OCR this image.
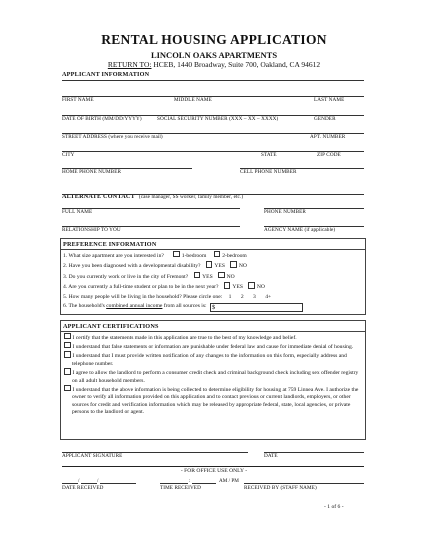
RENTAL HOUSING APPLICATION
LINCOLN OAKS APARTMENTS
RETURN TO: HCEB, 1440 Broadway, Suite 700, Oakland, CA 94612
APPLICANT INFORMATION
FIRST NAME	MIDDLE NAME	LAST NAME
DATE OF BIRTH (MM/DD/YYYY)	SOCIAL SECURITY NUMBER (XXX – XX – XXXX)	GENDER
STREET ADDRESS (where you receive mail)	APT. NUMBER
CITY	STATE	ZIP CODE
HOME PHONE NUMBER	CELL PHONE NUMBER
ALTERNATE CONTACT (case manager, SS worker, family member, etc.)
FULL NAME	PHONE NUMBER
RELATIONSHIP TO YOU	AGENCY NAME (if applicable)
PREFERENCE INFORMATION
1. What size apartment are you interested in?	1-bedroom	2-bedroom
2. Have you been diagnosed with a developmental disability? YES NO
3. Do you currently work or live in the city of Fremont? YES NO
4. Are you currently a full-time student or plan to be in the next year? YES NO
5. How many people will be living in the household? Please circle one: 1 2 3 4+
6. The household's combined annual income from all sources is: $
APPLICANT CERTIFICATIONS
I certify that the statements made in this application are true to the best of my knowledge and belief.
I understand that false statements or information are punishable under federal law and cause for immediate denial of housing.
I understand that I must provide written notification of any changes to the information on this form, especially address and telephone number.
I agree to allow the landlord to perform a consumer credit check and criminal background check including sex offender registry on all adult household members.
I understand that the above information is being collected to determine eligibility for housing at 759 Linnea Ave. I authorize the owner to verify all information provided on this application and to contact previous or current landlords, employers, or other sources for credit and verification information which may be released by appropriate federal, state, local agencies, or private persons to the landlord or agent.
APPLICANT SIGNATURE	DATE
- FOR OFFICE USE ONLY -
/	/	:	AM / PM
DATE RECEIVED	TIME RECEIVED	RECEIVED BY (STAFF NAME)
- 1 of 6 -
